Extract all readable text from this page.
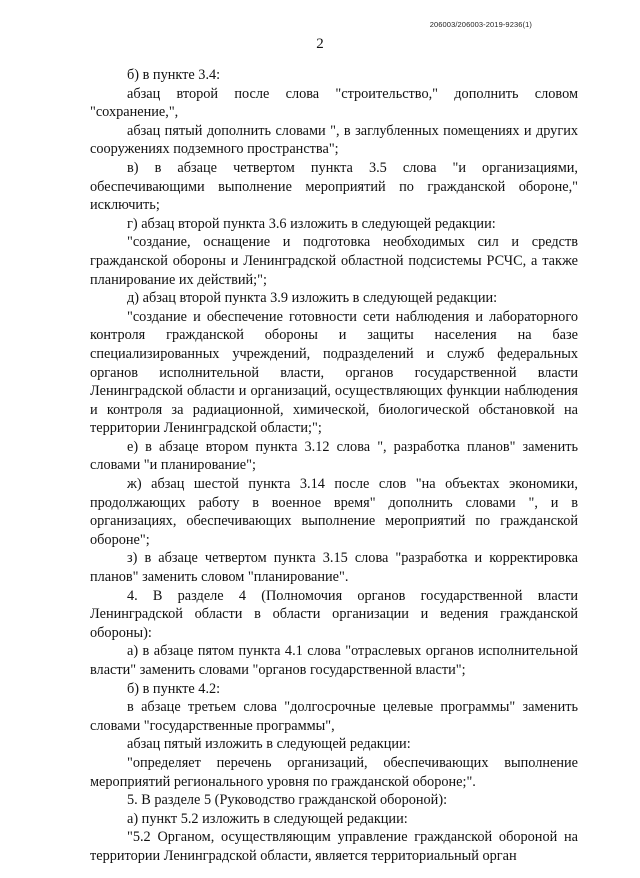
206003/206003-2019-9236(1)
2

б) в пункте 3.4:

абзац второй после слова "строительство," дополнить словом "сохранение,",

абзац пятый дополнить словами ", в заглубленных помещениях и других сооружениях подземного пространства";

в) в абзаце четвертом пункта 3.5 слова "и организациями, обеспечивающими выполнение мероприятий по гражданской обороне," исключить;

г) абзац второй пункта 3.6 изложить в следующей редакции:

"создание, оснащение и подготовка необходимых сил и средств гражданской обороны и Ленинградской областной подсистемы РСЧС, а также планирование их действий;";

д) абзац второй пункта 3.9 изложить в следующей редакции:

"создание и обеспечение готовности сети наблюдения и лабораторного контроля гражданской обороны и защиты населения на базе специализированных учреждений, подразделений и служб федеральных органов исполнительной власти, органов государственной власти Ленинградской области и организаций, осуществляющих функции наблюдения и контроля за радиационной, химической, биологической обстановкой на территории Ленинградской области;";

е) в абзаце втором пункта 3.12 слова ", разработка планов" заменить словами "и планирование";

ж) абзац шестой пункта 3.14 после слов "на объектах экономики, продолжающих работу в военное время" дополнить словами ", и в организациях, обеспечивающих выполнение мероприятий по гражданской обороне";

з) в абзаце четвертом пункта 3.15 слова "разработка и корректировка планов" заменить словом "планирование".

4. В разделе 4 (Полномочия органов государственной власти Ленинградской области в области организации и ведения гражданской обороны):

а) в абзаце пятом пункта 4.1 слова "отраслевых органов исполнительной власти" заменить словами "органов государственной власти";

б) в пункте 4.2:

в абзаце третьем слова "долгосрочные целевые программы" заменить словами "государственные программы",

абзац пятый изложить в следующей редакции:

"определяет перечень организаций, обеспечивающих выполнение мероприятий регионального уровня по гражданской обороне;".

5. В разделе 5 (Руководство гражданской обороной):

а) пункт 5.2 изложить в следующей редакции:

"5.2 Органом, осуществляющим управление гражданской обороной на территории Ленинградской области, является территориальный орган
